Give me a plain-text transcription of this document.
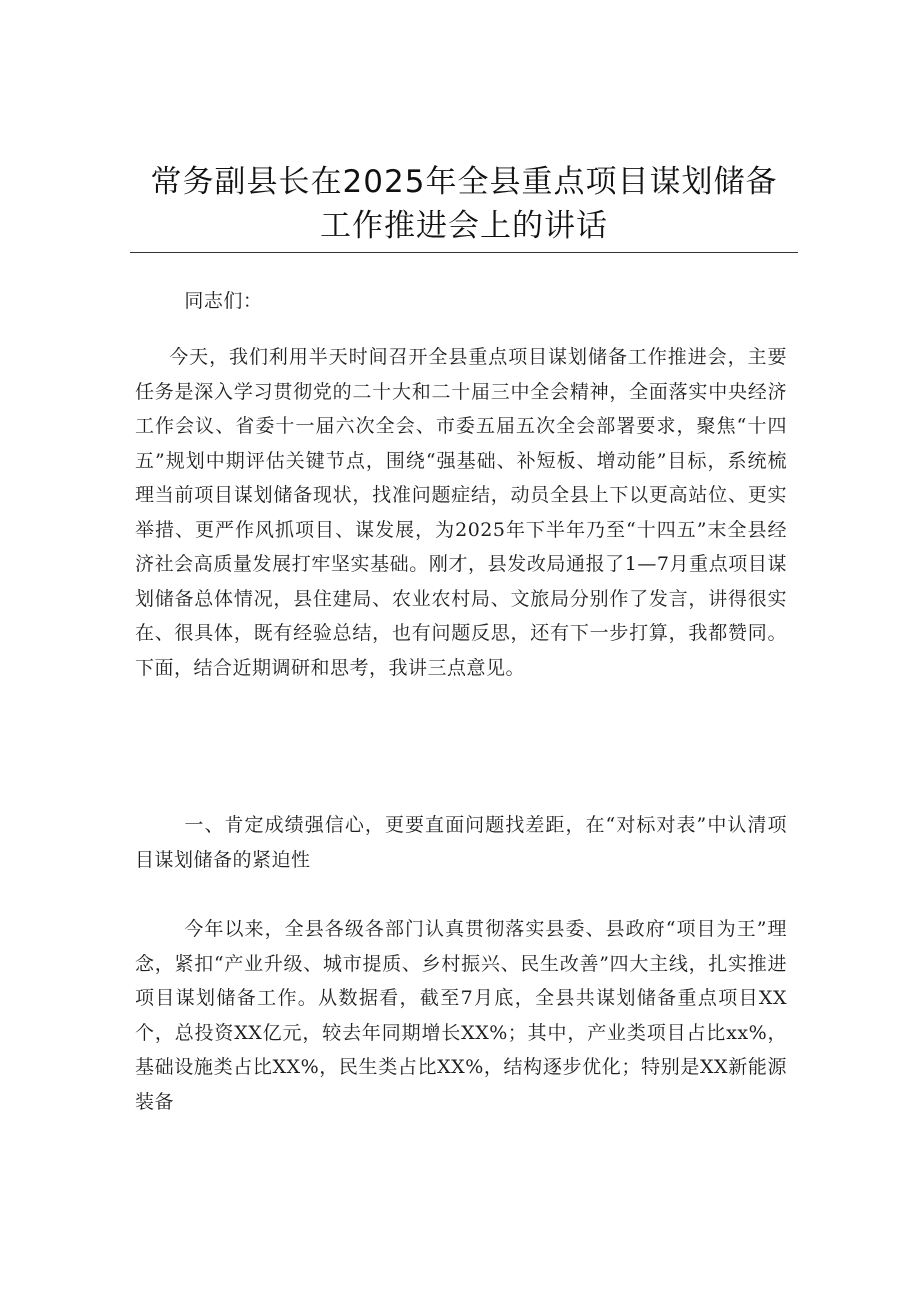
常务副县长在2025年全县重点项目谋划储备
工作推进会上的讲话
同志们：
今天，我们利用半天时间召开全县重点项目谋划储备工作推进会，主要任务是深入学习贯彻党的二十大和二十届三中全会精神，全面落实中央经济工作会议、省委十一届六次全会、市委五届五次全会部署要求，聚焦“十四五”规划中期评估关键节点，围绕“强基础、补短板、增动能”目标，系统梳理当前项目谋划储备现状，找准问题症结，动员全县上下以更高站位、更实举措、更严作风抓项目、谋发展，为2025年下半年乃至“十四五”末全县经济社会高质量发展打牢坚实基础。刚才，县发改局通报了1—7月重点项目谋划储备总体情况，县住建局、农业农村局、文旅局分别作了发言，讲得很实在、很具体，既有经验总结，也有问题反思，还有下一步打算，我都赞同。下面，结合近期调研和思考，我讲三点意见。
一、肯定成绩强信心，更要直面问题找差距，在“对标对表”中认清项目谋划储备的紧迫性
今年以来，全县各级各部门认真贯彻落实县委、县政府“项目为王”理念，紧扣“产业升级、城市提质、乡村振兴、民生改善”四大主线，扎实推进项目谋划储备工作。从数据看，截至7月底，全县共谋划储备重点项目XX个，总投资XX亿元，较去年同期增长XX%；其中，产业类项目占比xx%，基础设施类占比XX%，民生类占比XX%，结构逐步优化；特别是XX新能源装备
